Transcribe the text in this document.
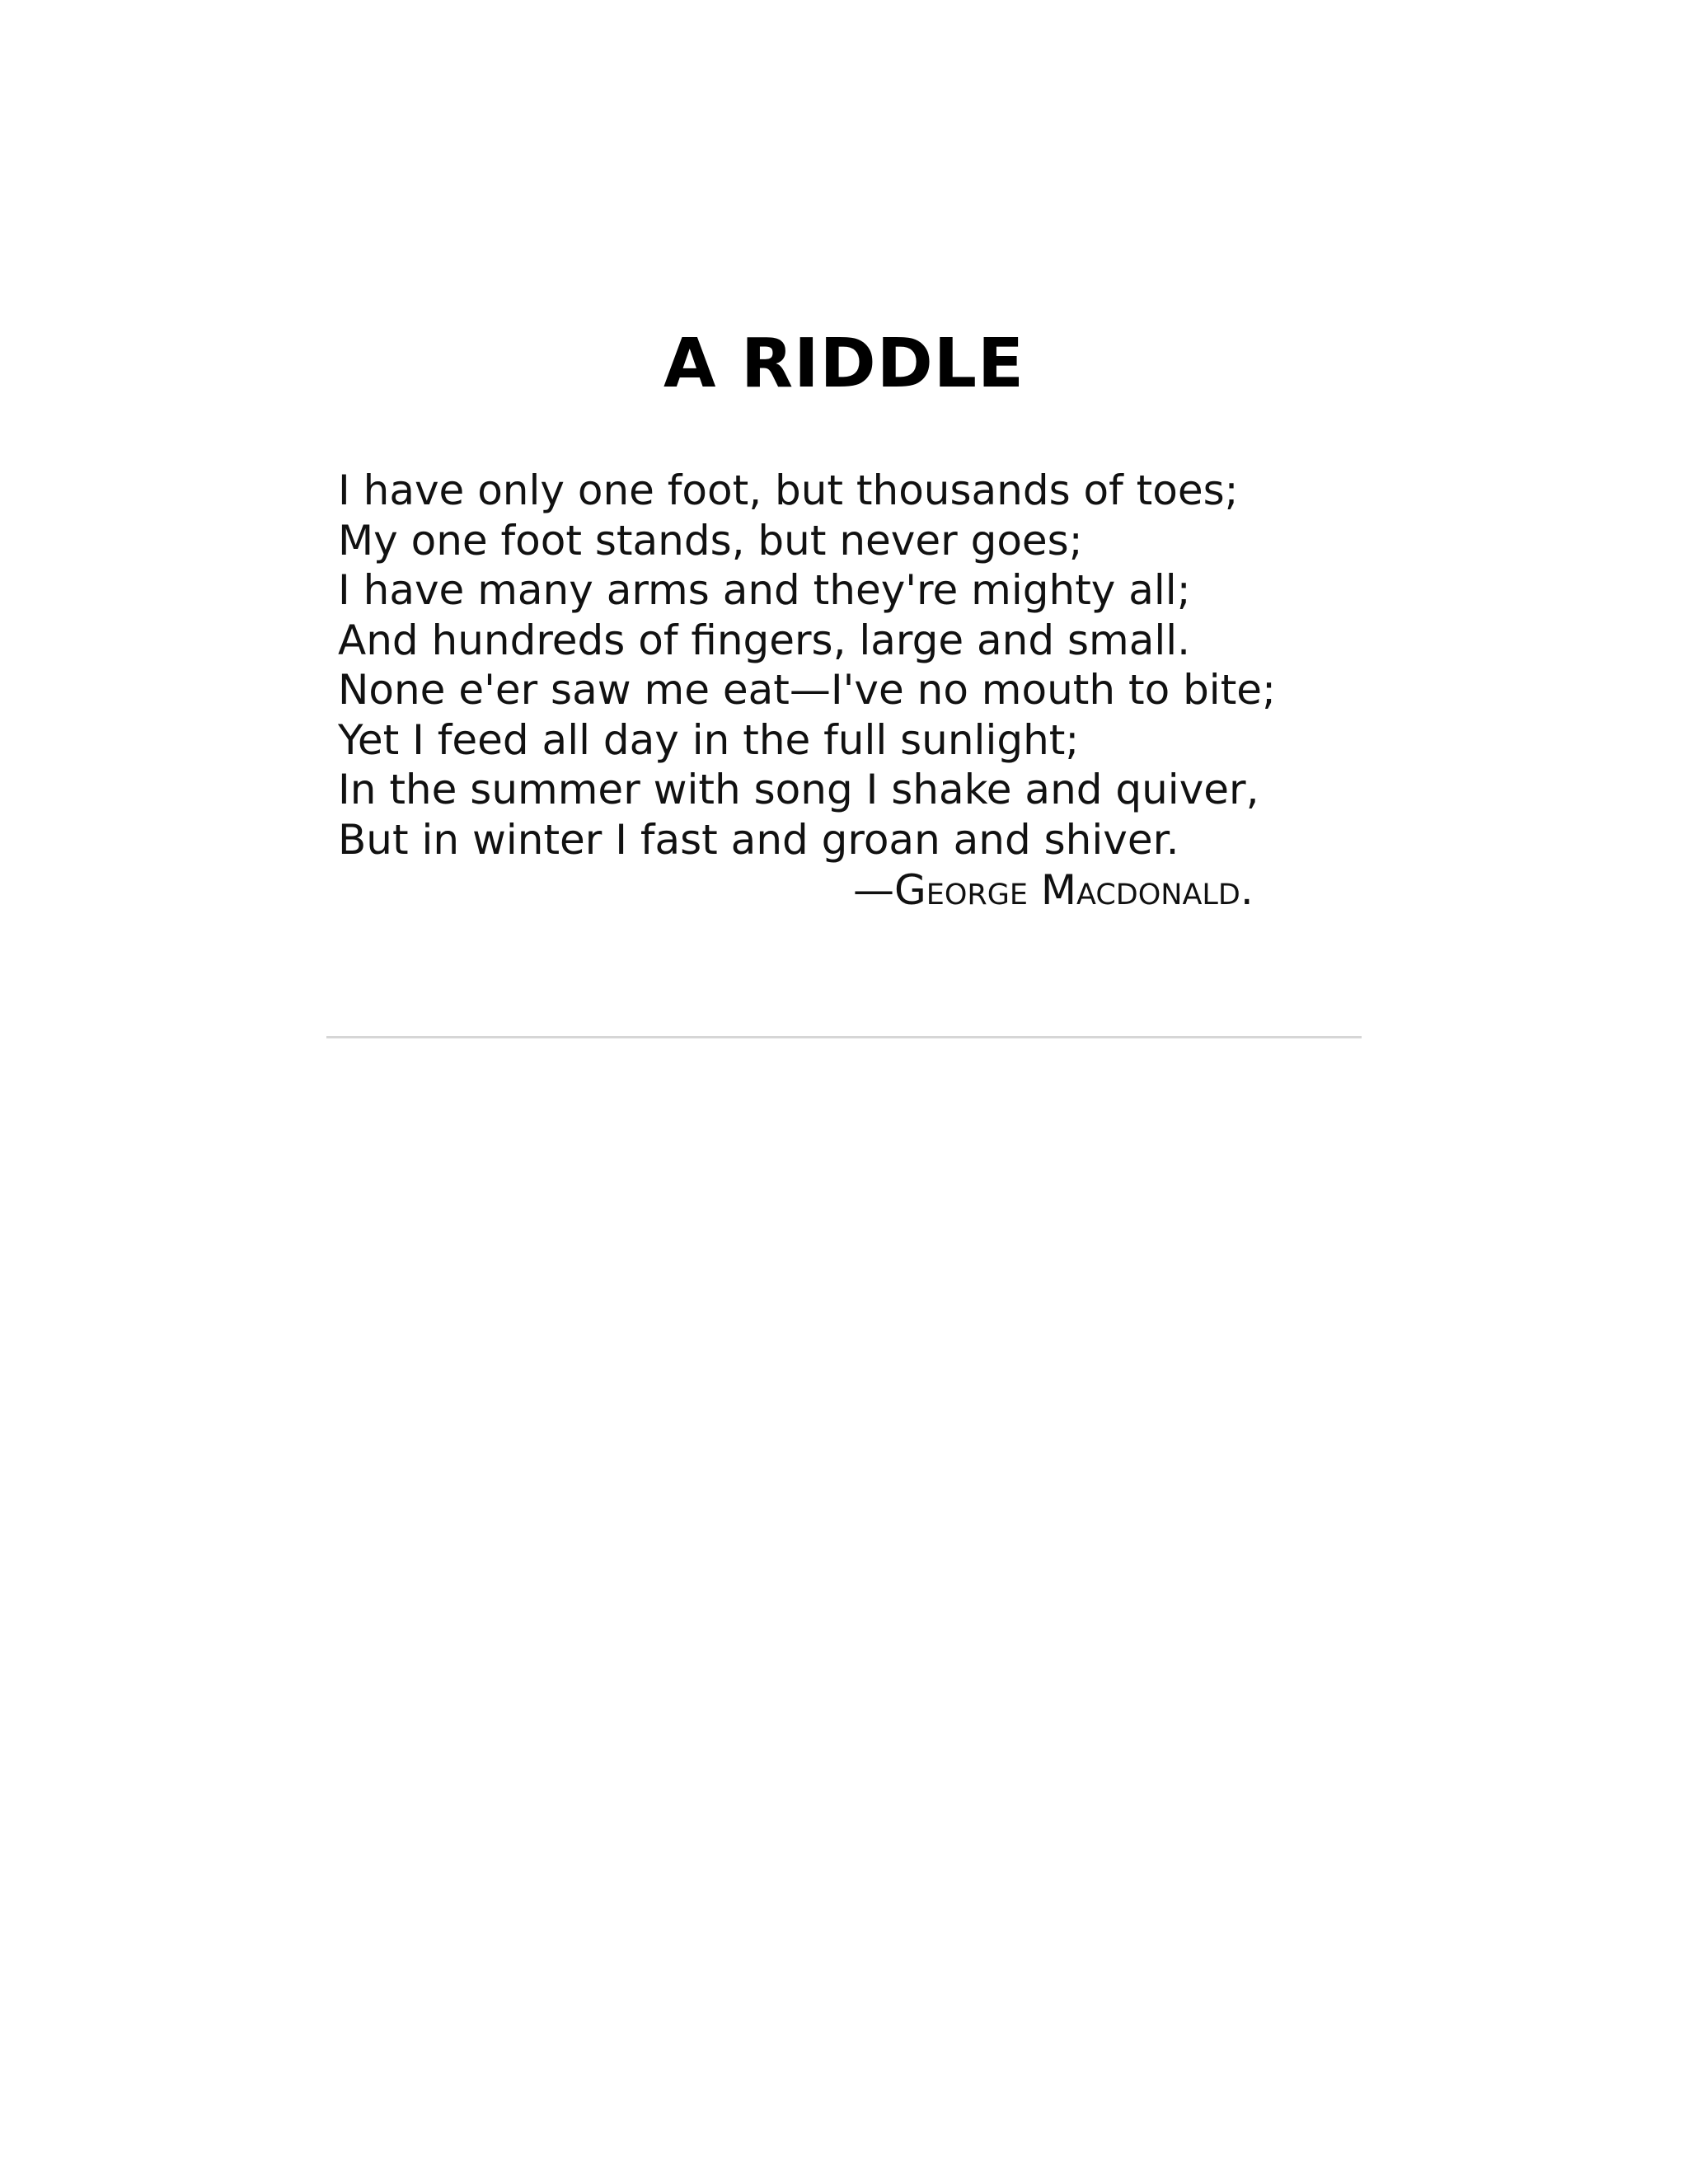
A RIDDLE
I have only one foot, but thousands of toes;
My one foot stands, but never goes;
I have many arms and they're mighty all;
And hundreds of fingers, large and small.
None e'er saw me eat—I've no mouth to bite;
Yet I feed all day in the full sunlight;
In the summer with song I shake and quiver,
But in winter I fast and groan and shiver.
—George Macdonald.
